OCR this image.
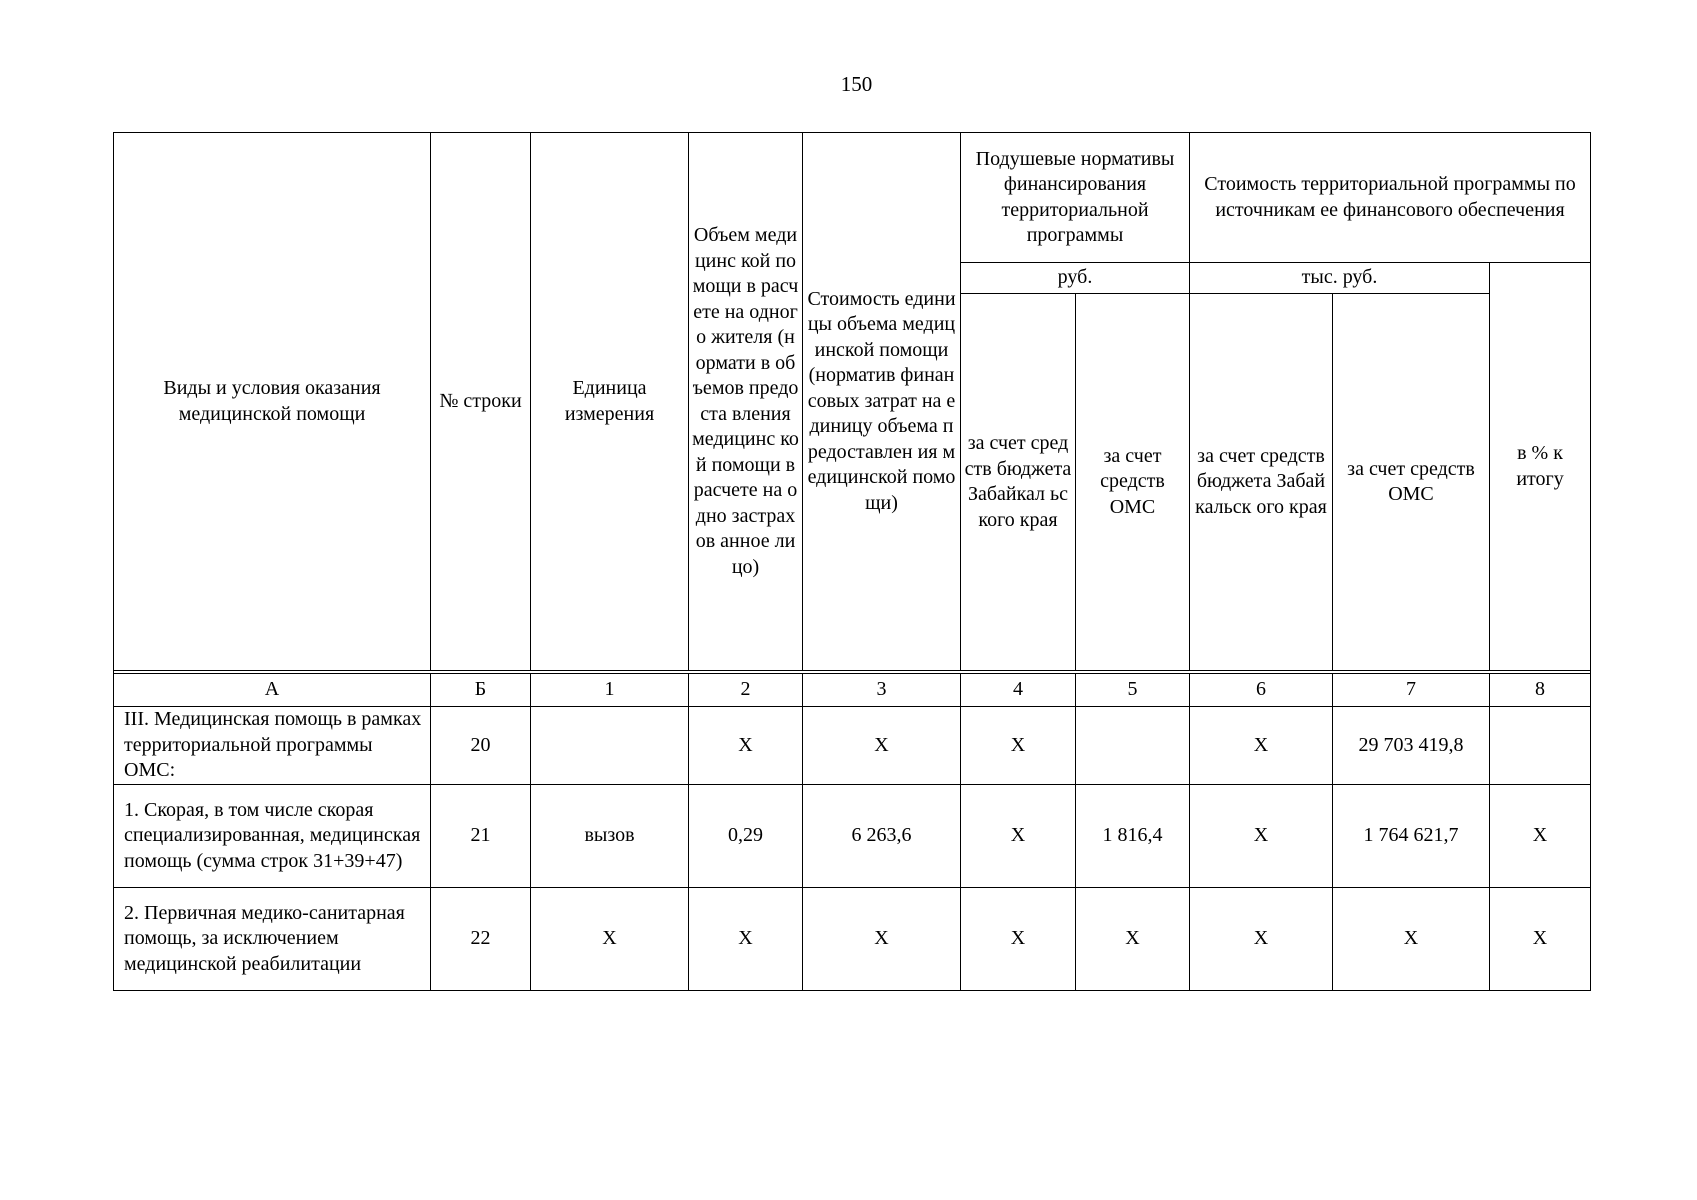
150
Виды и условия оказания медицинской помощи	№ строки	Единица измерения	Объем медицинс кой помощи в расчете на одного жителя (нормати в объемов предоста вления медицинс кой помощи в расчете на одно застрахов анное лицо)	Стоимость единицы объема медицинской помощи (норматив финансовых затрат на единицу объема предоставлен ия медицинской помощи)	Подушевые нормативы финансирования территориальной программы		Стоимость территориальной программы по источникам ее финансового обеспечения		
					руб.		тыс. руб.		в % к итогу
					за счет средств бюджета Забайкал ьского края	за счет средств ОМС	за счет средств бюджета Забайкальск ого края	за счет средств ОМС	

А	Б	1	2	3	4	5	6	7	8
III. Медицинская помощь в рамках территориальной программы ОМС:	20		Х	Х	Х		Х	29 703 419,8	
1. Скорая, в том числе скорая специализированная, медицинская помощь (сумма строк 31+39+47)	21	вызов	0,29	6 263,6	Х	1 816,4	Х	1 764 621,7	Х
2. Первичная медико-санитарная помощь, за исключением медицинской реабилитации	22	Х	Х	Х	Х	Х	Х	Х	Х
